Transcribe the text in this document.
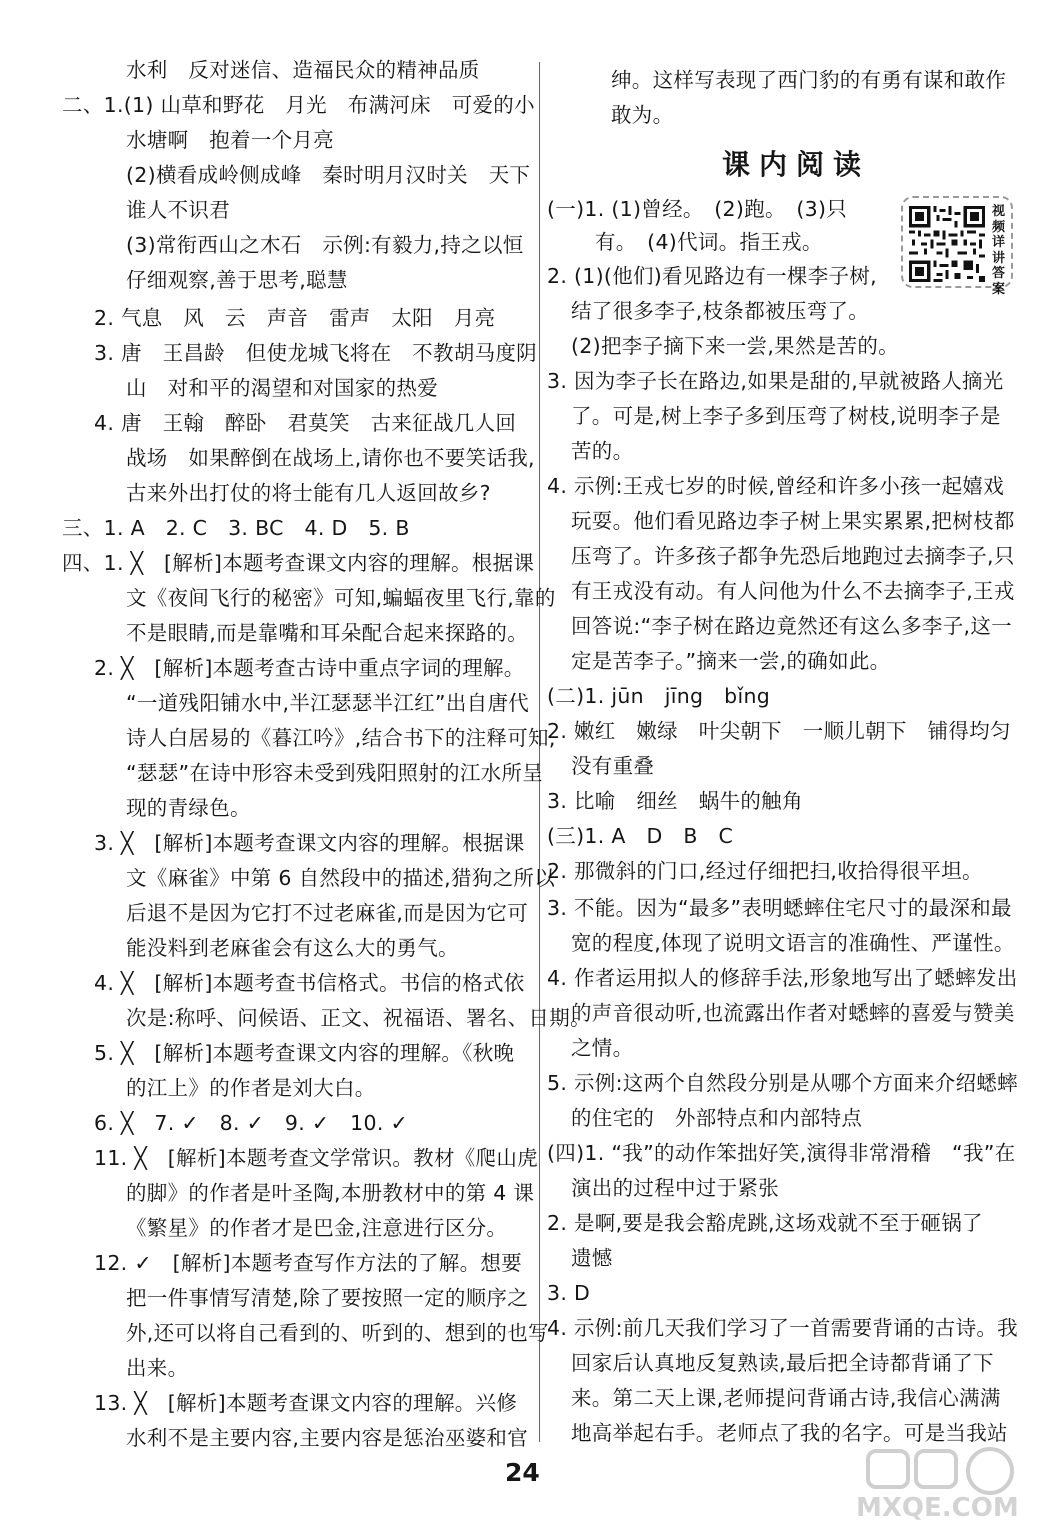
水利　反对迷信、造福民众的精神品质
二、1.(1) 山草和野花　月光　布满河床　可爱的小
水塘啊　抱着一个月亮
(2)横看成岭侧成峰　秦时明月汉时关　天下
谁人不识君
(3)常衔西山之木石　示例:有毅力,持之以恒
仔细观察,善于思考,聪慧
2. 气息　风　云　声音　雷声　太阳　月亮
3. 唐　王昌龄　但使龙城飞将在　不教胡马度阴
山　对和平的渴望和对国家的热爱
4. 唐　王翰　醉卧　君莫笑　古来征战几人回
战场　如果醉倒在战场上,请你也不要笑话我,
古来外出打仗的将士能有几人返回故乡?
三、1. A　2. C　3. BC　4. D　5. B
四、1. ╳　[解析]本题考查课文内容的理解。根据课
文《夜间飞行的秘密》可知,蝙蝠夜里飞行,靠的
不是眼睛,而是靠嘴和耳朵配合起来探路的。
2. ╳　[解析]本题考查古诗中重点字词的理解。
“一道残阳铺水中,半江瑟瑟半江红”出自唐代
诗人白居易的《暮江吟》,结合书下的注释可知,
“瑟瑟”在诗中形容未受到残阳照射的江水所呈
现的青绿色。
3. ╳　[解析]本题考查课文内容的理解。根据课
文《麻雀》中第 6 自然段中的描述,猎狗之所以
后退不是因为它打不过老麻雀,而是因为它可
能没料到老麻雀会有这么大的勇气。
4. ╳　[解析]本题考查书信格式。书信的格式依
次是:称呼、问候语、正文、祝福语、署名、日期。
5. ╳　[解析]本题考查课文内容的理解。《秋晚
的江上》的作者是刘大白。
6. ╳　7. ✓　8. ✓　9. ✓　10. ✓
11. ╳　[解析]本题考查文学常识。教材《爬山虎
的脚》的作者是叶圣陶,本册教材中的第 4 课
《繁星》的作者才是巴金,注意进行区分。
12. ✓　[解析]本题考查写作方法的了解。想要
把一件事情写清楚,除了要按照一定的顺序之
外,还可以将自己看到的、听到的、想到的也写
出来。
13. ╳　[解析]本题考查课文内容的理解。兴修
水利不是主要内容,主要内容是惩治巫婆和官
绅。这样写表现了西门豹的有勇有谋和敢作
敢为。
课内阅读
视频详讲答案
(一)1. (1)曾经。　(2)跑。　(3)只
有。　(4)代词。指王戎。
2. (1)(他们)看见路边有一棵李子树,
结了很多李子,枝条都被压弯了。
(2)把李子摘下来一尝,果然是苦的。
3. 因为李子长在路边,如果是甜的,早就被路人摘光
了。可是,树上李子多到压弯了树枝,说明李子是
苦的。
4. 示例:王戎七岁的时候,曾经和许多小孩一起嬉戏
玩耍。他们看见路边李子树上果实累累,把树枝都
压弯了。许多孩子都争先恐后地跑过去摘李子,只
有王戎没有动。有人问他为什么不去摘李子,王戎
回答说:“李子树在路边竟然还有这么多李子,这一
定是苦李子。”摘来一尝,的确如此。
(二)1. jūn　jīng　bǐng
2. 嫩红　嫩绿　叶尖朝下　一顺儿朝下　铺得均匀
没有重叠
3. 比喻　细丝　蜗牛的触角
(三)1. A　D　B　C
2. 那微斜的门口,经过仔细把扫,收拾得很平坦。
3. 不能。因为“最多”表明蟋蟀住宅尺寸的最深和最
宽的程度,体现了说明文语言的准确性、严谨性。
4. 作者运用拟人的修辞手法,形象地写出了蟋蟀发出
的声音很动听,也流露出作者对蟋蟀的喜爱与赞美
之情。
5. 示例:这两个自然段分别是从哪个方面来介绍蟋蟀
的住宅的　外部特点和内部特点
(四)1. “我”的动作笨拙好笑,演得非常滑稽　“我”在
演出的过程中过于紧张
2. 是啊,要是我会豁虎跳,这场戏就不至于砸锅了
遗憾
3. D
4. 示例:前几天我们学习了一首需要背诵的古诗。我
回家后认真地反复熟读,最后把全诗都背诵了下
来。第二天上课,老师提问背诵古诗,我信心满满
地高举起右手。老师点了我的名字。可是当我站
24
MXQE.COM
